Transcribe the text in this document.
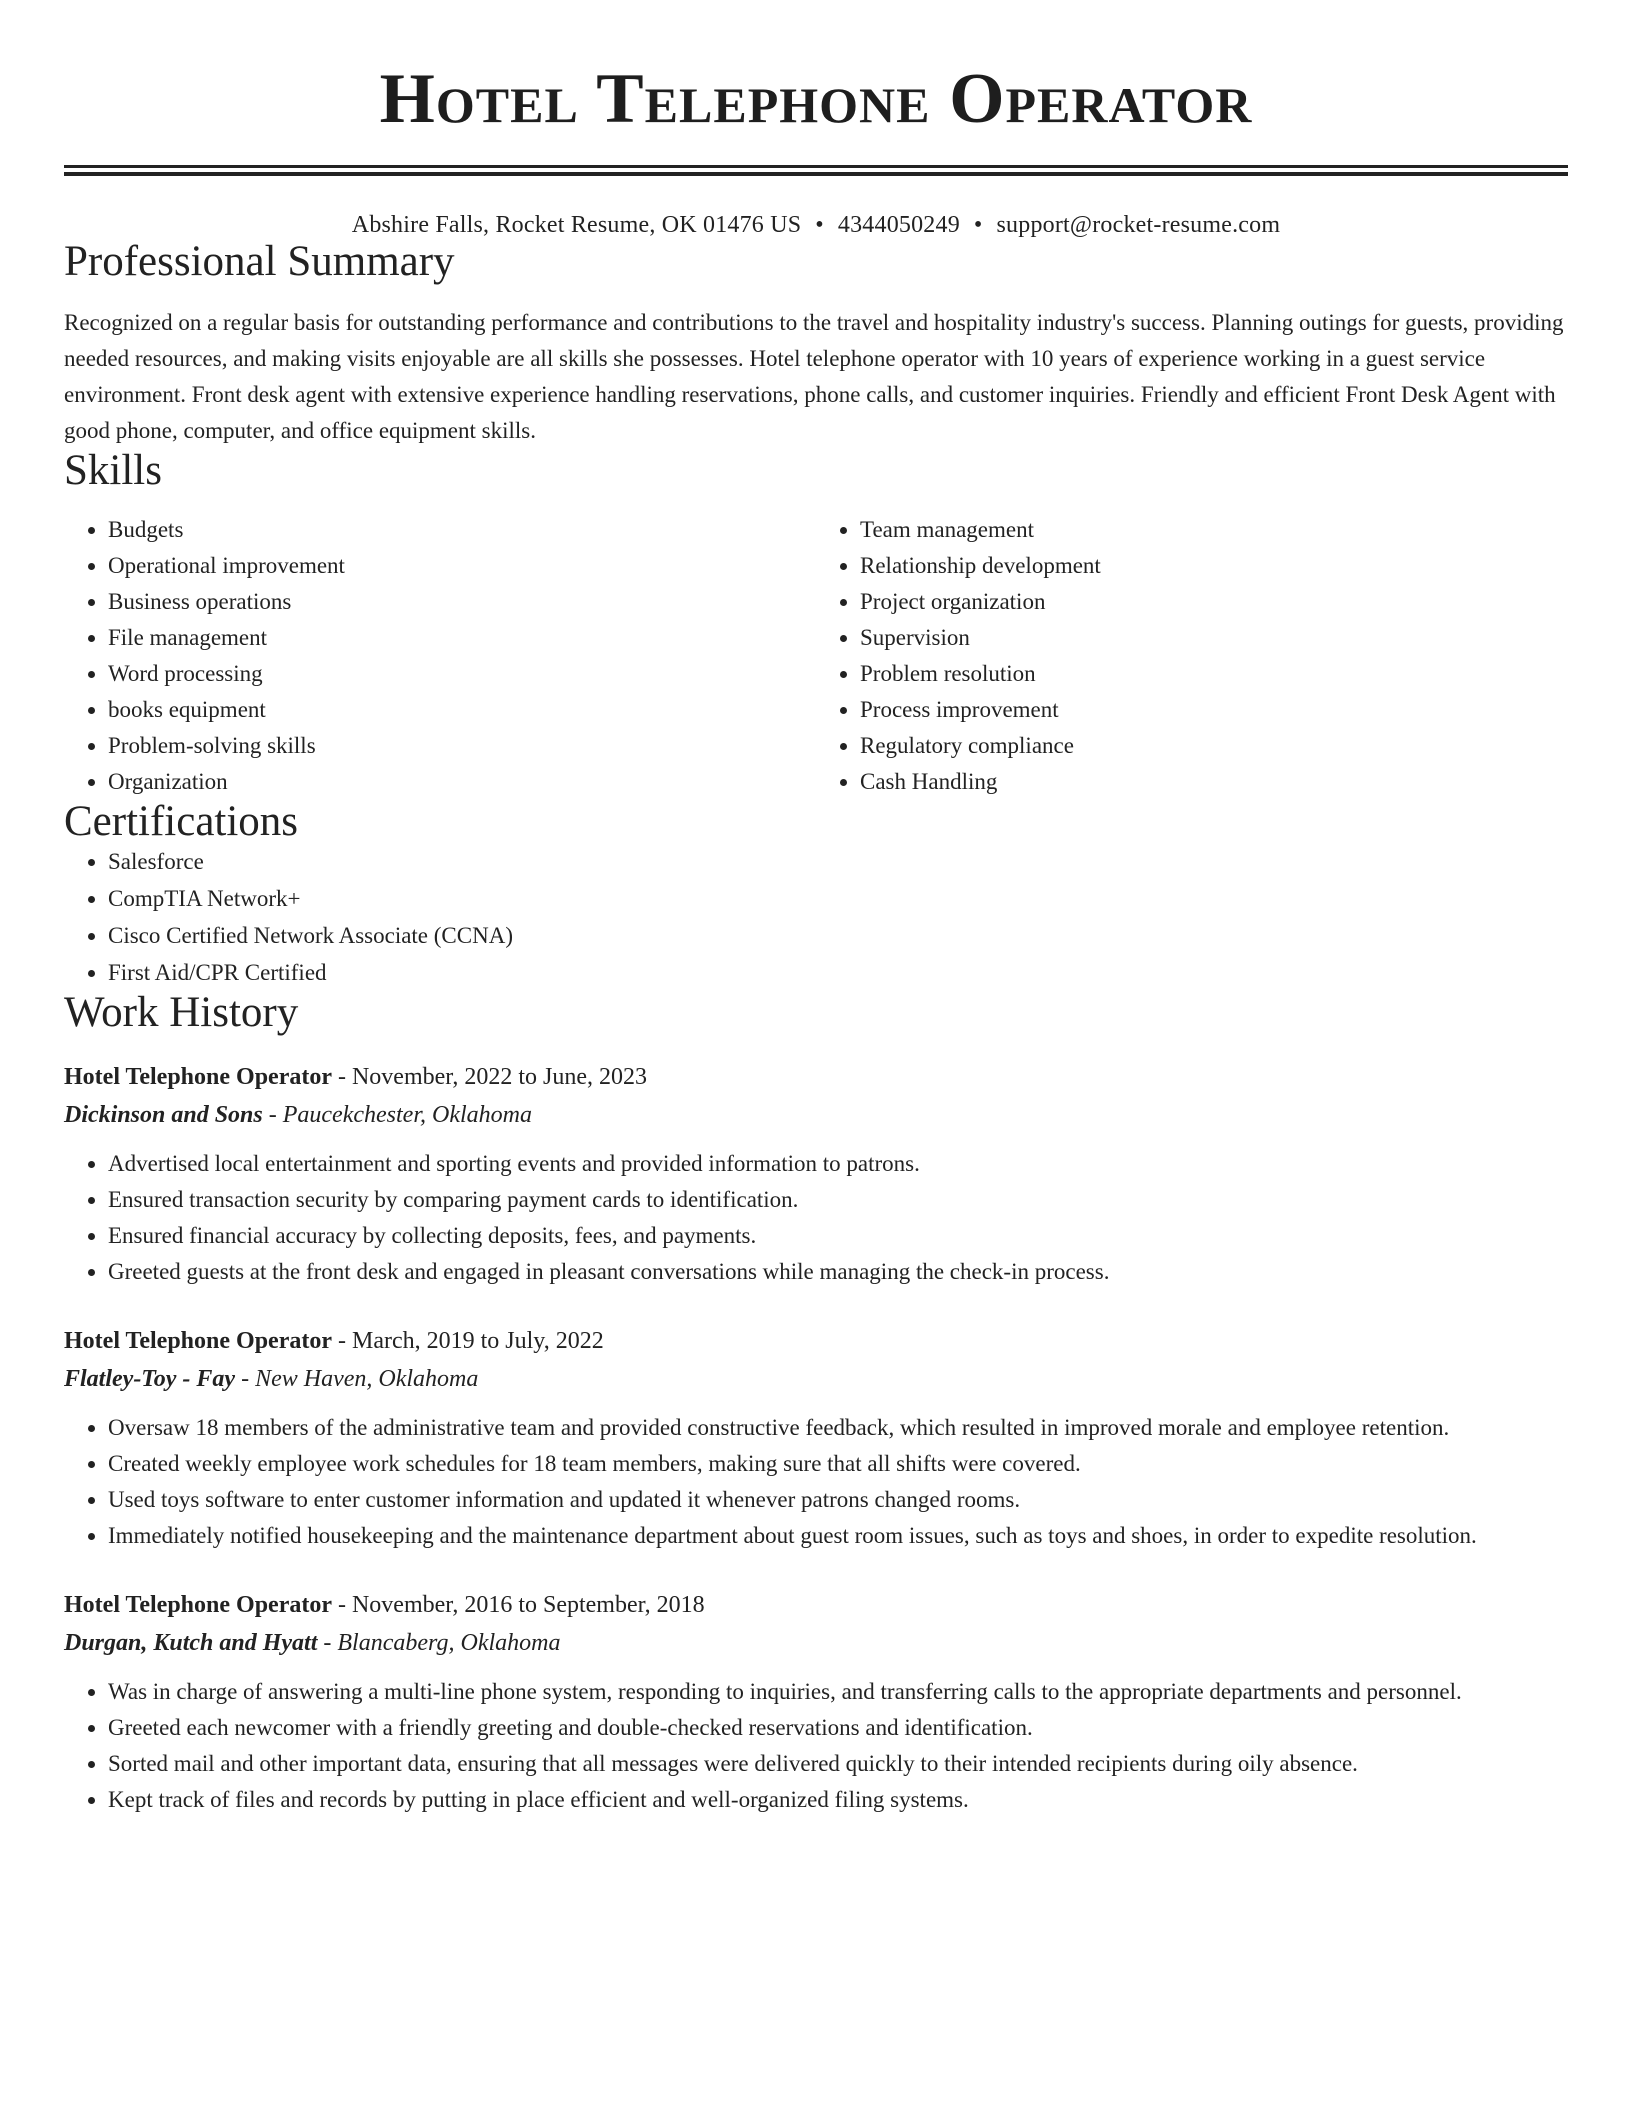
Hotel Telephone Operator
Abshire Falls, Rocket Resume, OK 01476 US • 4344050249 • support@rocket-resume.com
Professional Summary
Recognized on a regular basis for outstanding performance and contributions to the travel and hospitality industry's success. Planning outings for guests, providing needed resources, and making visits enjoyable are all skills she possesses. Hotel telephone operator with 10 years of experience working in a guest service environment. Front desk agent with extensive experience handling reservations, phone calls, and customer inquiries. Friendly and efficient Front Desk Agent with good phone, computer, and office equipment skills.
Skills
• Budgets
• Operational improvement
• Business operations
• File management
• Word processing
• books equipment
• Problem-solving skills
• Organization
• Team management
• Relationship development
• Project organization
• Supervision
• Problem resolution
• Process improvement
• Regulatory compliance
• Cash Handling
Certifications
• Salesforce
• CompTIA Network+
• Cisco Certified Network Associate (CCNA)
• First Aid/CPR Certified
Work History
Hotel Telephone Operator - November, 2022 to June, 2023
Dickinson and Sons - Paucekchester, Oklahoma
• Advertised local entertainment and sporting events and provided information to patrons.
• Ensured transaction security by comparing payment cards to identification.
• Ensured financial accuracy by collecting deposits, fees, and payments.
• Greeted guests at the front desk and engaged in pleasant conversations while managing the check-in process.
Hotel Telephone Operator - March, 2019 to July, 2022
Flatley-Toy - Fay - New Haven, Oklahoma
• Oversaw 18 members of the administrative team and provided constructive feedback, which resulted in improved morale and employee retention.
• Created weekly employee work schedules for 18 team members, making sure that all shifts were covered.
• Used toys software to enter customer information and updated it whenever patrons changed rooms.
• Immediately notified housekeeping and the maintenance department about guest room issues, such as toys and shoes, in order to expedite resolution.
Hotel Telephone Operator - November, 2016 to September, 2018
Durgan, Kutch and Hyatt - Blancaberg, Oklahoma
• Was in charge of answering a multi-line phone system, responding to inquiries, and transferring calls to the appropriate departments and personnel.
• Greeted each newcomer with a friendly greeting and double-checked reservations and identification.
• Sorted mail and other important data, ensuring that all messages were delivered quickly to their intended recipients during oily absence.
• Kept track of files and records by putting in place efficient and well-organized filing systems.
